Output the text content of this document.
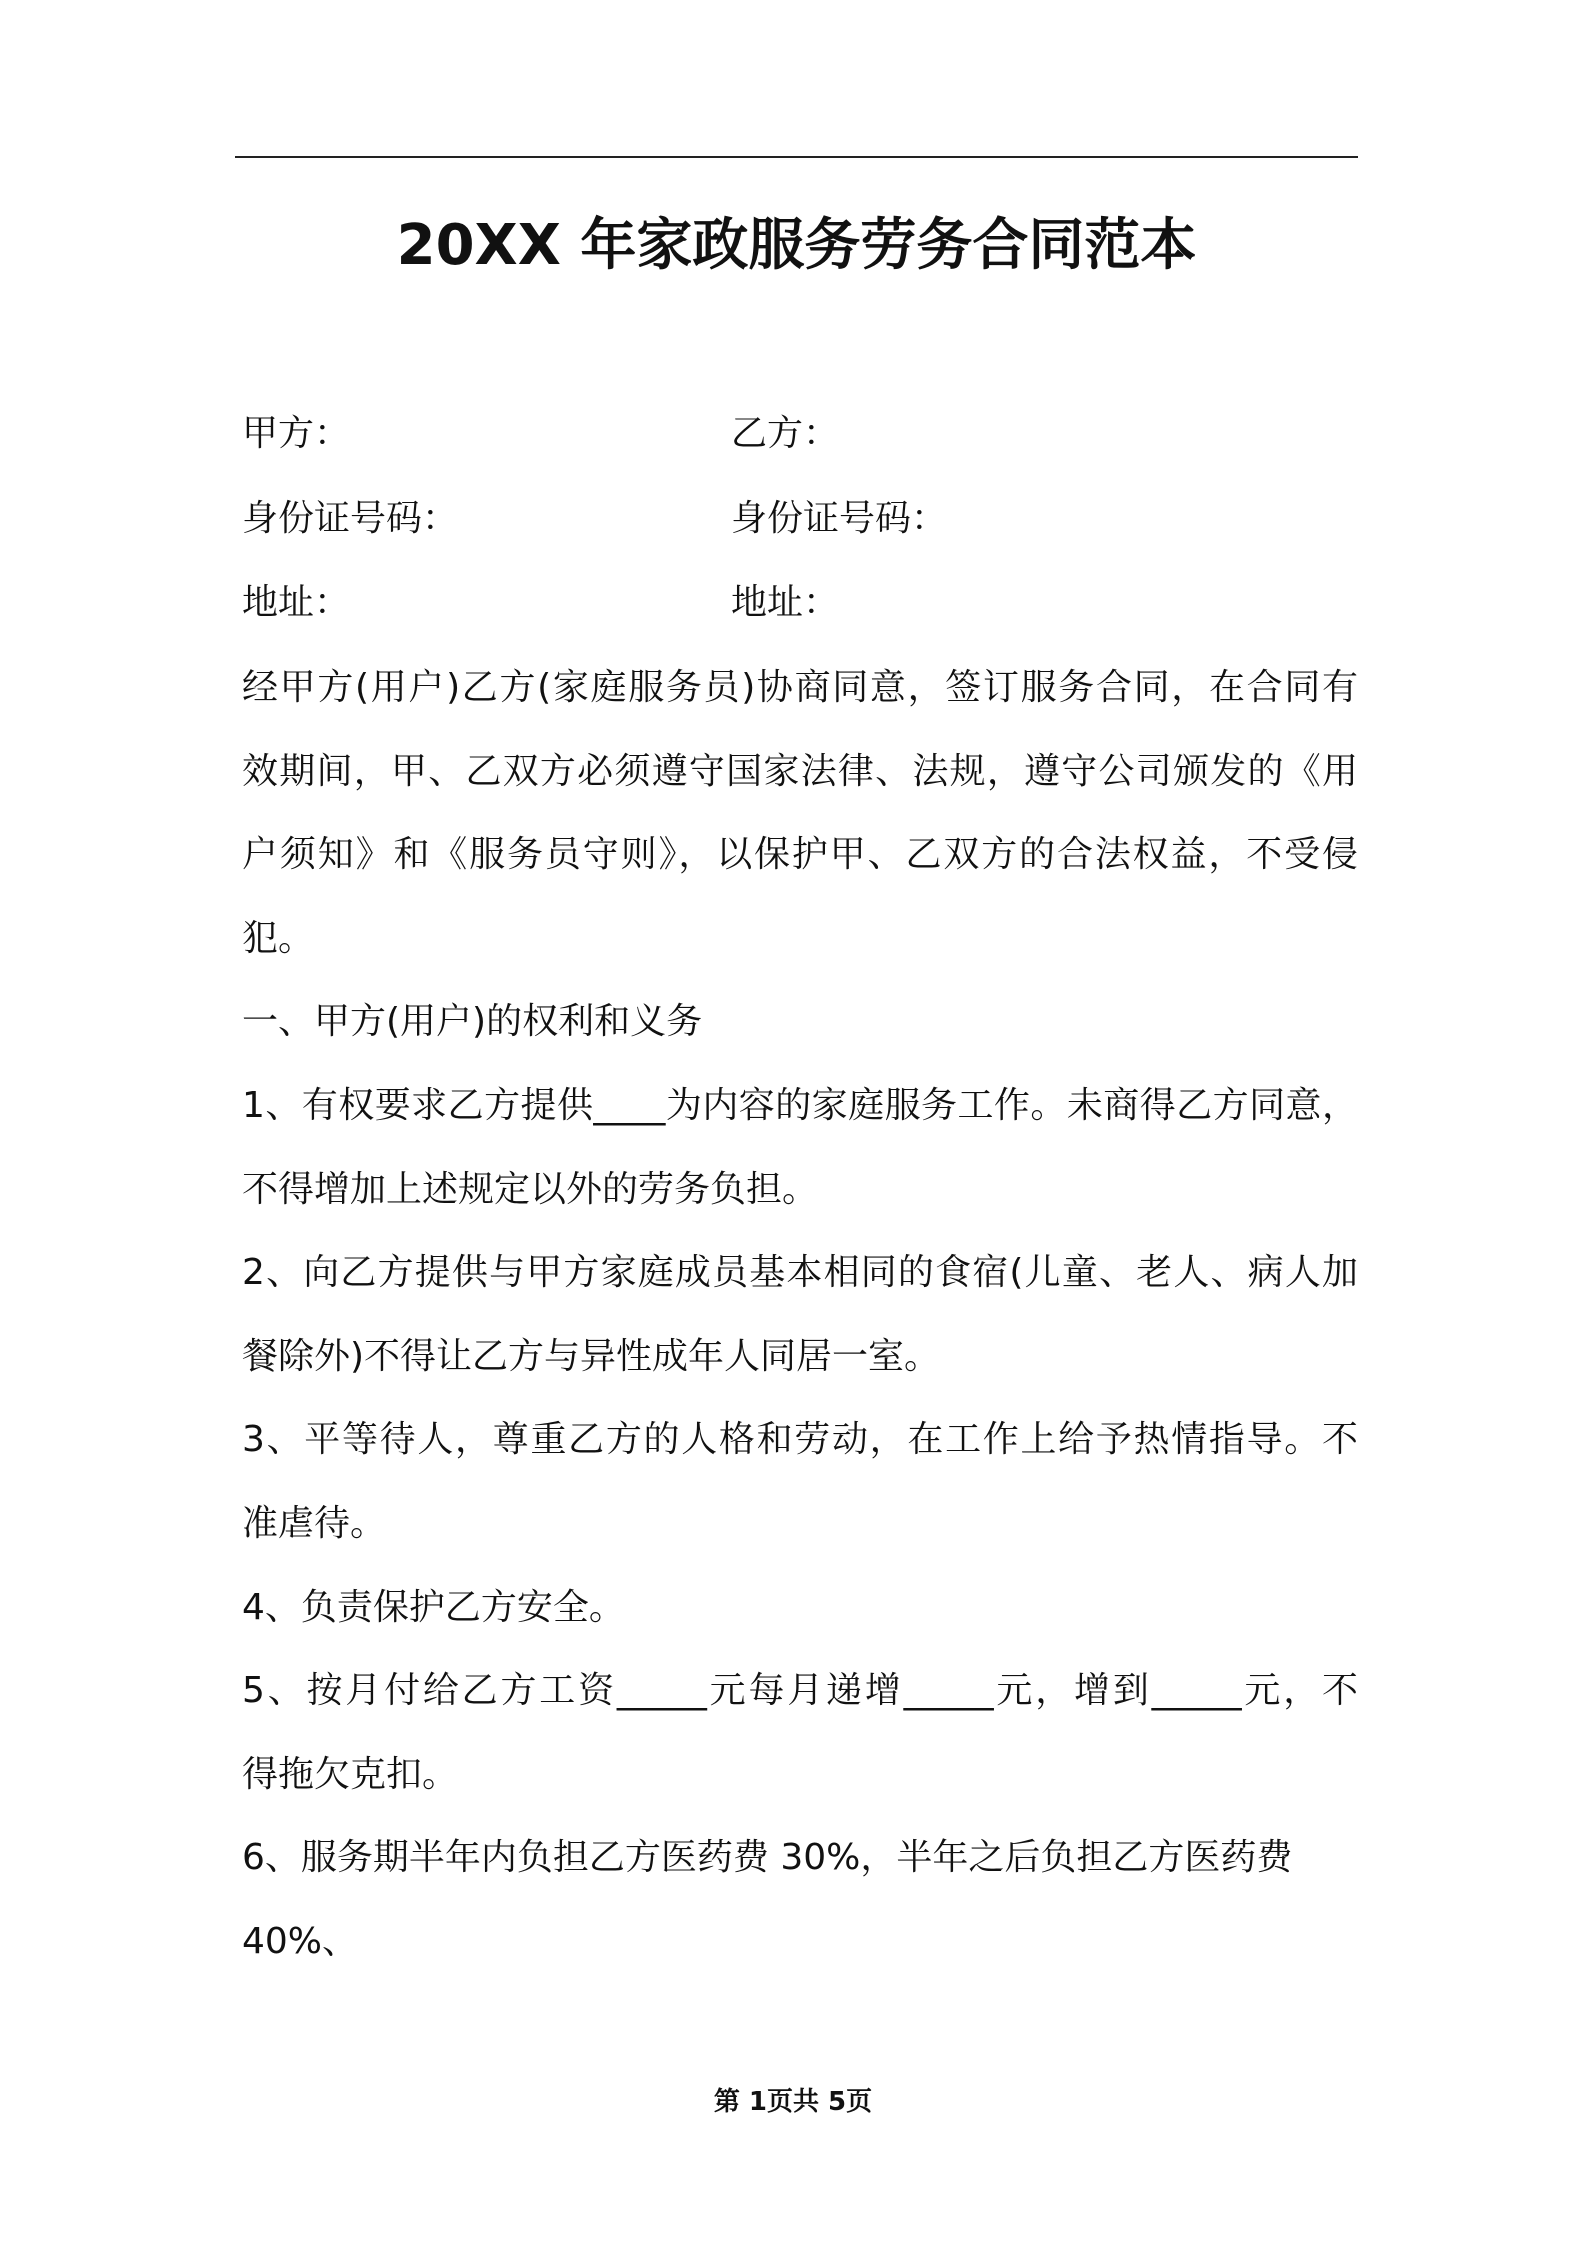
20XX 年家政服务劳务合同范本
甲方：	乙方：
身份证号码：	身份证号码：
地址：	地址：
经甲方(用户)乙方(家庭服务员)协商同意，签订服务合同，在合同有
效期间，甲、乙双方必须遵守国家法律、法规，遵守公司颁发的《用
户须知》和《服务员守则》，以保护甲、乙双方的合法权益，不受侵
犯。
一、甲方(用户)的权利和义务
1、有权要求乙方提供____为内容的家庭服务工作。未商得乙方同意，
不得增加上述规定以外的劳务负担。
2、向乙方提供与甲方家庭成员基本相同的食宿(儿童、老人、病人加
餐除外)不得让乙方与异性成年人同居一室。
3、平等待人，尊重乙方的人格和劳动，在工作上给予热情指导。不
准虐待。
4、负责保护乙方安全。
5、按月付给乙方工资_____元每月递增_____元，增到_____元，不
得拖欠克扣。
6、服务期半年内负担乙方医药费 30%，半年之后负担乙方医药费
40%、
第 1页共 5页
